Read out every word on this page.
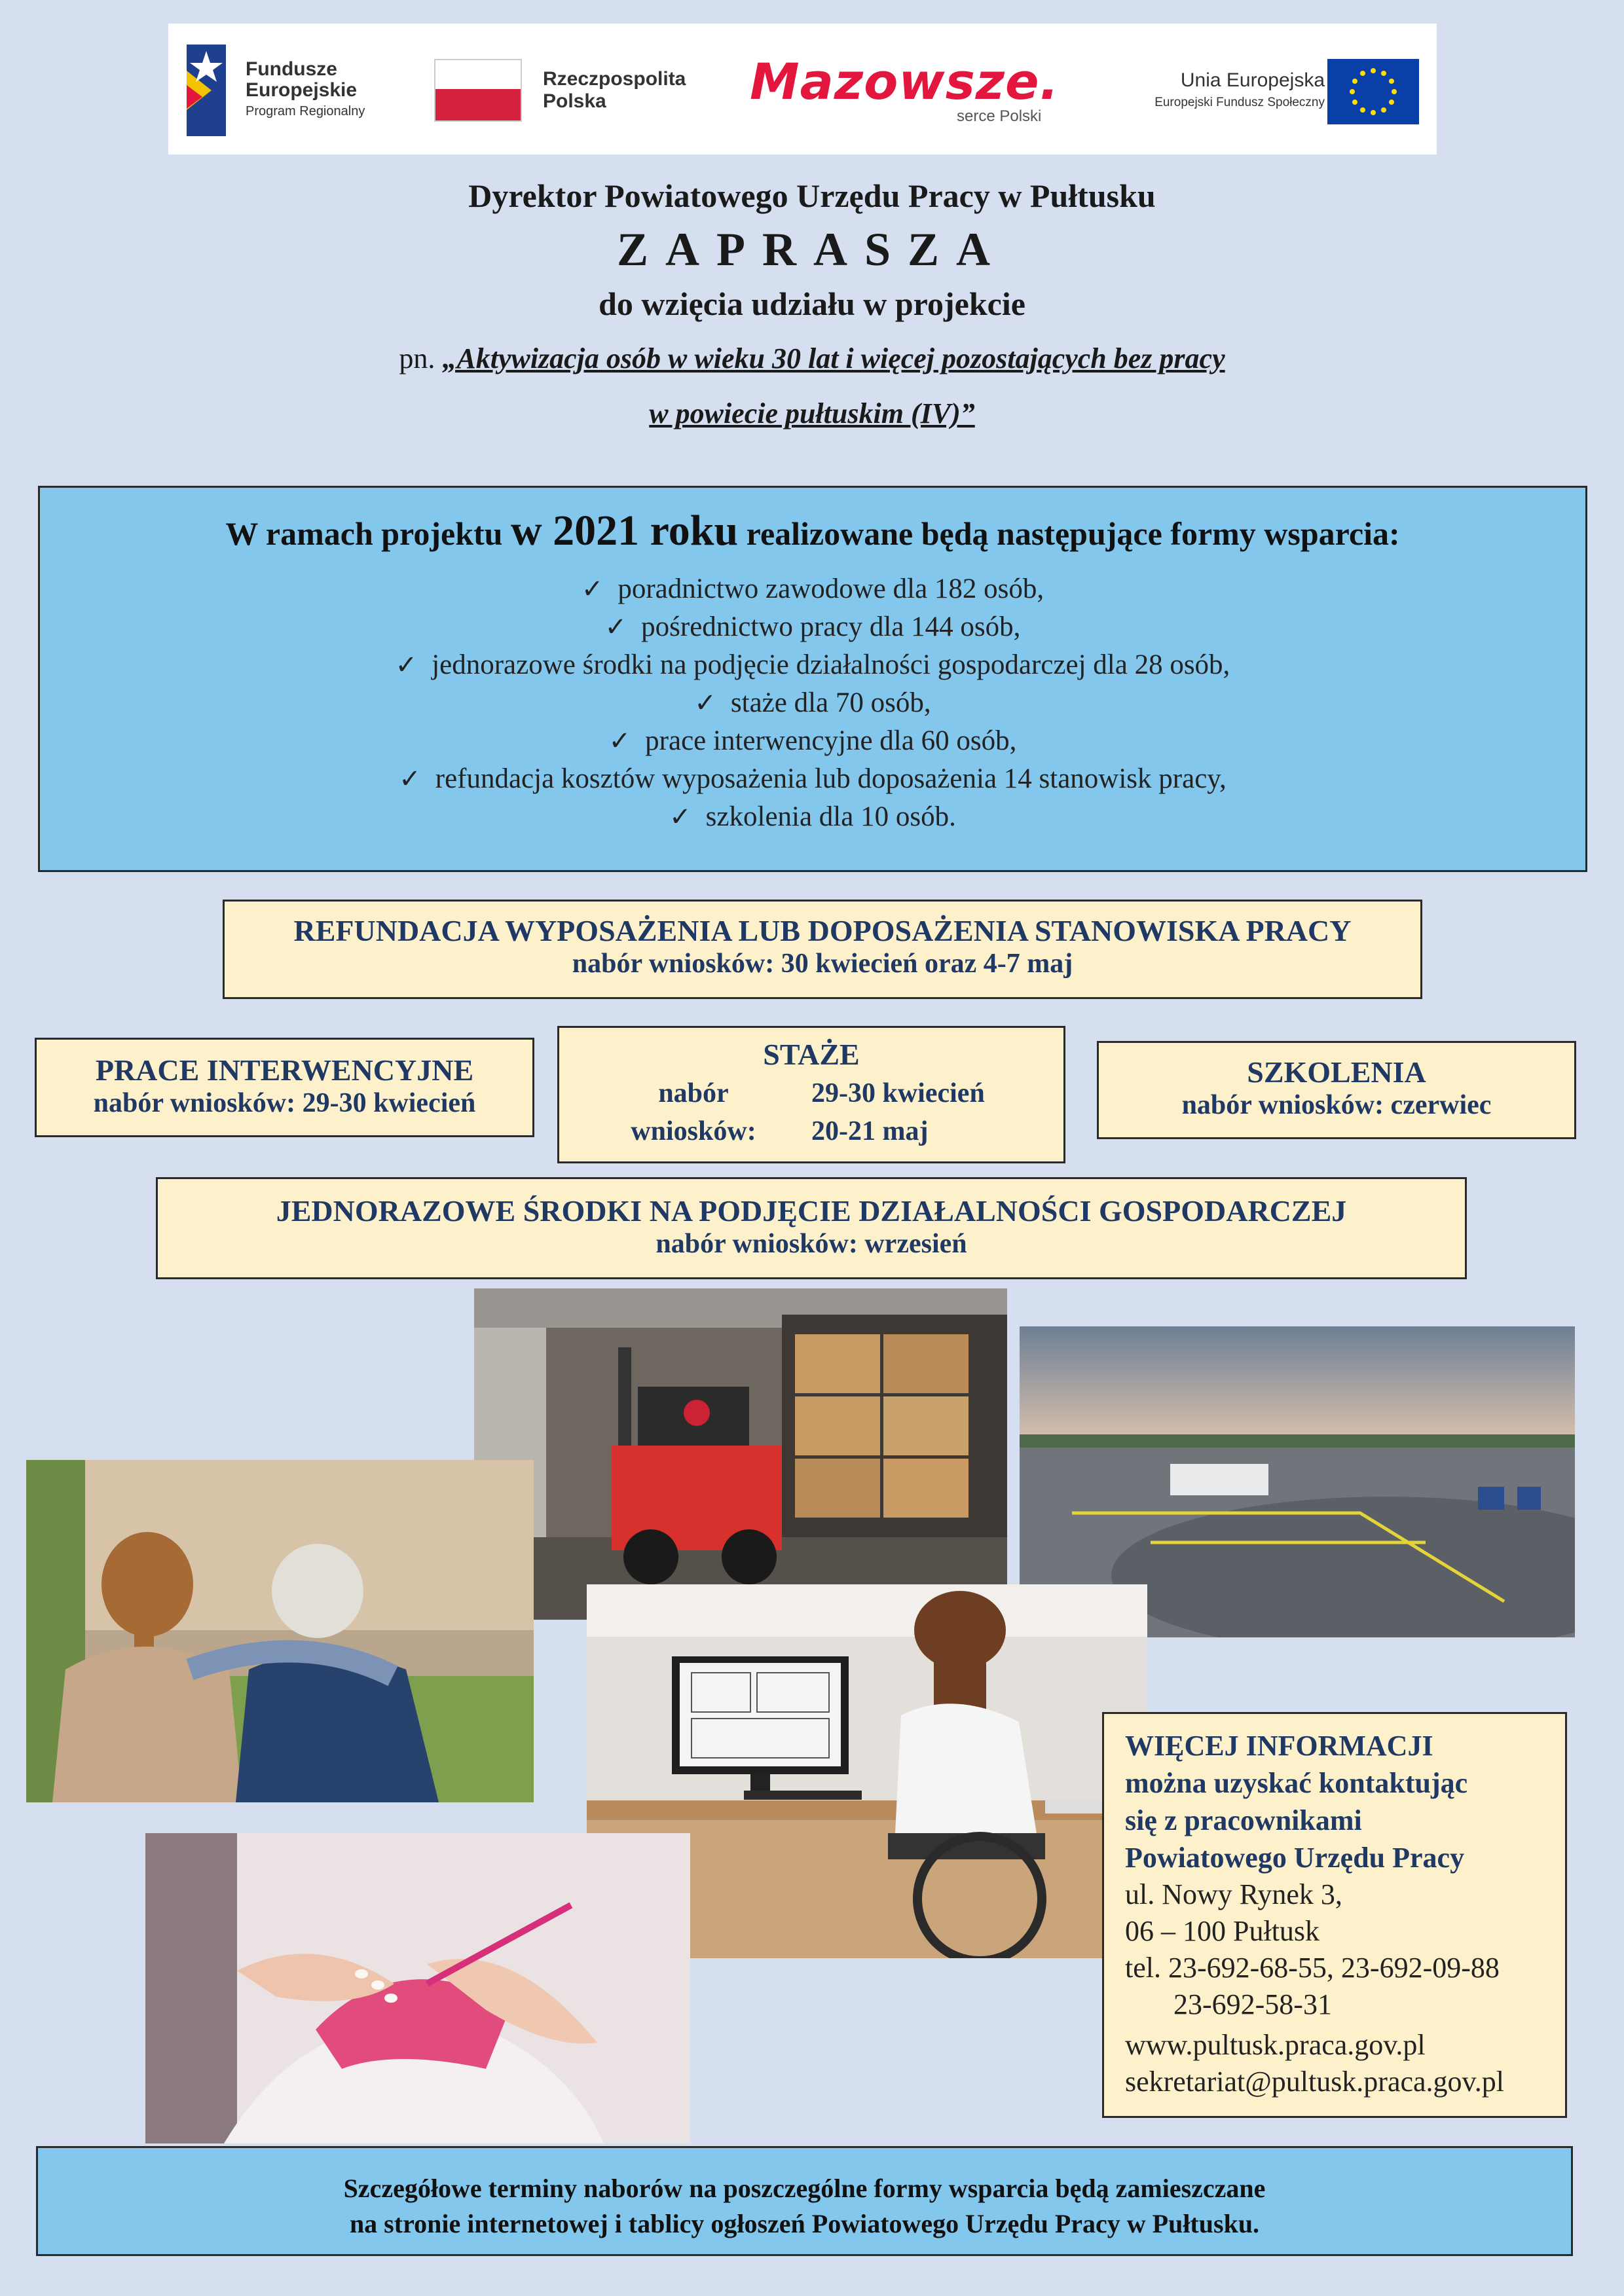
Fundusze
Europejskie
Program Regionalny
Rzeczpospolita
Polska	Mazowsze.
serce Polski
Unia Europejska
Europejski Fundusz Społeczny
Dyrektor Powiatowego Urzędu Pracy w Pułtusku
ZAPRASZA
do wzięcia udziału w projekcie
pn. „Aktywizacja osób w wieku 30 lat i więcej pozostających bez pracy
w powiecie pułtuskim (IV)”
W ramach projektu w 2021 roku realizowane będą następujące formy wsparcia:
✓ poradnictwo zawodowe dla 182 osób,
✓ pośrednictwo pracy dla 144 osób,
✓ jednorazowe środki na podjęcie działalności gospodarczej dla 28 osób,
✓ staże dla 70 osób,
✓ prace interwencyjne dla 60 osób,
✓ refundacja kosztów wyposażenia lub doposażenia 14 stanowisk pracy,
✓ szkolenia dla 10 osób.
REFUNDACJA WYPOSAŻENIA LUB DOPOSAŻENIA STANOWISKA PRACY
nabór wniosków: 30 kwiecień oraz 4-7 maj
PRACE INTERWENCYJNE
nabór wniosków: 29-30 kwiecień
STAŻE
nabór	29-30 kwiecień
wniosków:	20-21 maj
SZKOLENIA
nabór wniosków: czerwiec
JEDNORAZOWE ŚRODKI NA PODJĘCIE DZIAŁALNOŚCI GOSPODARCZEJ
nabór wniosków: wrzesień
WIĘCEJ INFORMACJI
można uzyskać kontaktując
się z pracownikami
Powiatowego Urzędu Pracy
ul. Nowy Rynek 3,
06 – 100 Pułtusk
tel. 23-692-68-55, 23-692-09-88
23-692-58-31
www.pultusk.praca.gov.pl
sekretariat@pultusk.praca.gov.pl
Szczegółowe terminy naborów na poszczególne formy wsparcia będą zamieszczane
na stronie internetowej i tablicy ogłoszeń Powiatowego Urzędu Pracy w Pułtusku.
